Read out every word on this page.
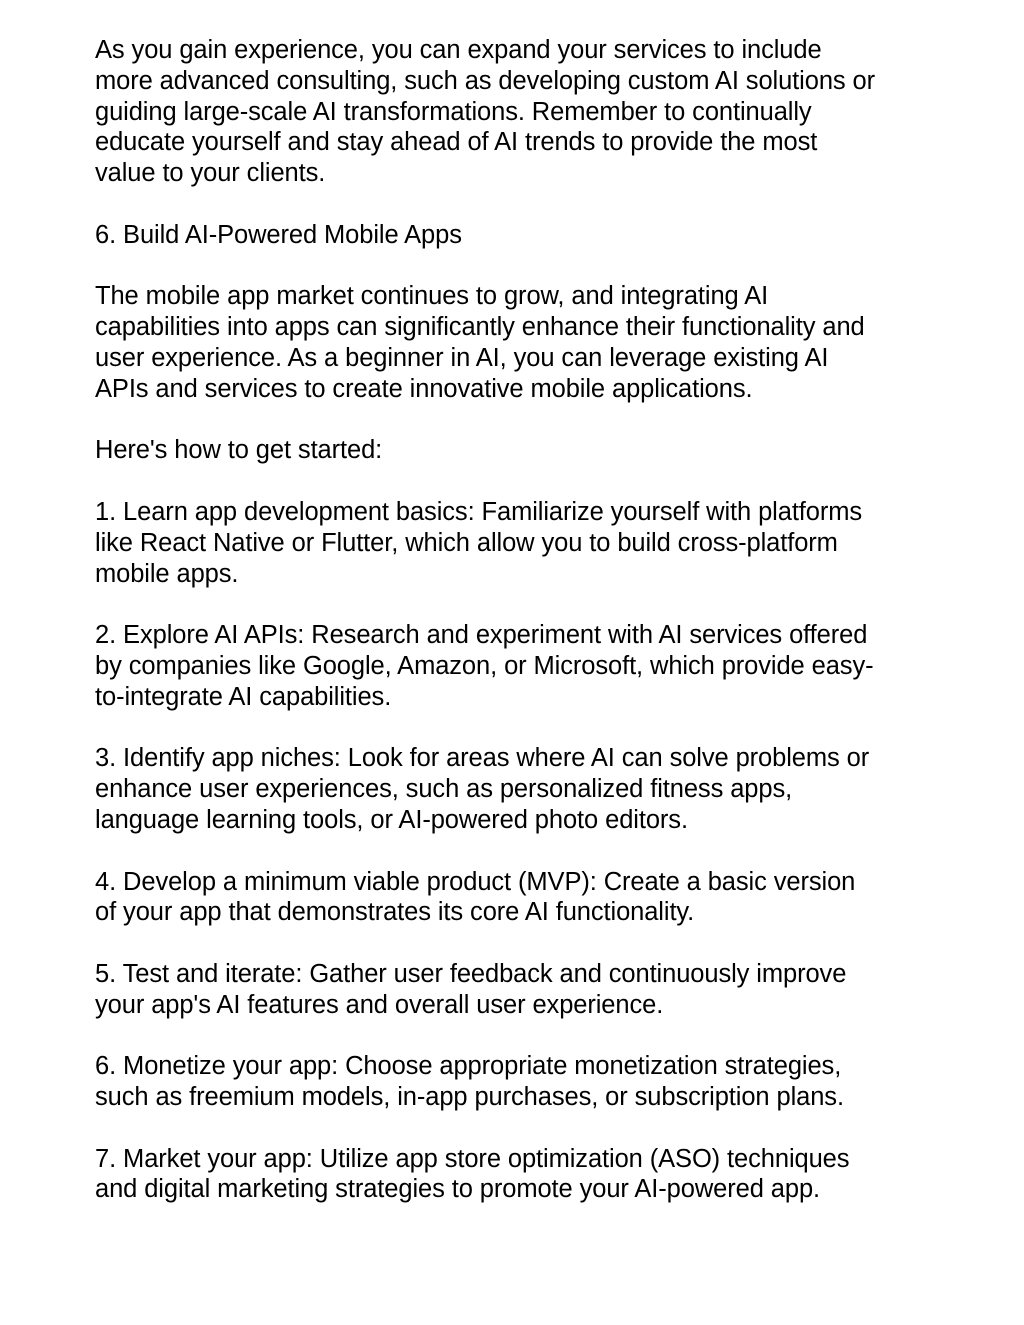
As you gain experience, you can expand your services to include
more advanced consulting, such as developing custom AI solutions or
guiding large-scale AI transformations. Remember to continually
educate yourself and stay ahead of AI trends to provide the most
value to your clients.

6. Build AI-Powered Mobile Apps

The mobile app market continues to grow, and integrating AI
capabilities into apps can significantly enhance their functionality and
user experience. As a beginner in AI, you can leverage existing AI
APIs and services to create innovative mobile applications.

Here's how to get started:

1. Learn app development basics: Familiarize yourself with platforms
like React Native or Flutter, which allow you to build cross-platform
mobile apps.

2. Explore AI APIs: Research and experiment with AI services offered
by companies like Google, Amazon, or Microsoft, which provide easy-
to-integrate AI capabilities.

3. Identify app niches: Look for areas where AI can solve problems or
enhance user experiences, such as personalized fitness apps,
language learning tools, or AI-powered photo editors.

4. Develop a minimum viable product (MVP): Create a basic version
of your app that demonstrates its core AI functionality.

5. Test and iterate: Gather user feedback and continuously improve
your app's AI features and overall user experience.

6. Monetize your app: Choose appropriate monetization strategies,
such as freemium models, in-app purchases, or subscription plans.

7. Market your app: Utilize app store optimization (ASO) techniques
and digital marketing strategies to promote your AI-powered app.
